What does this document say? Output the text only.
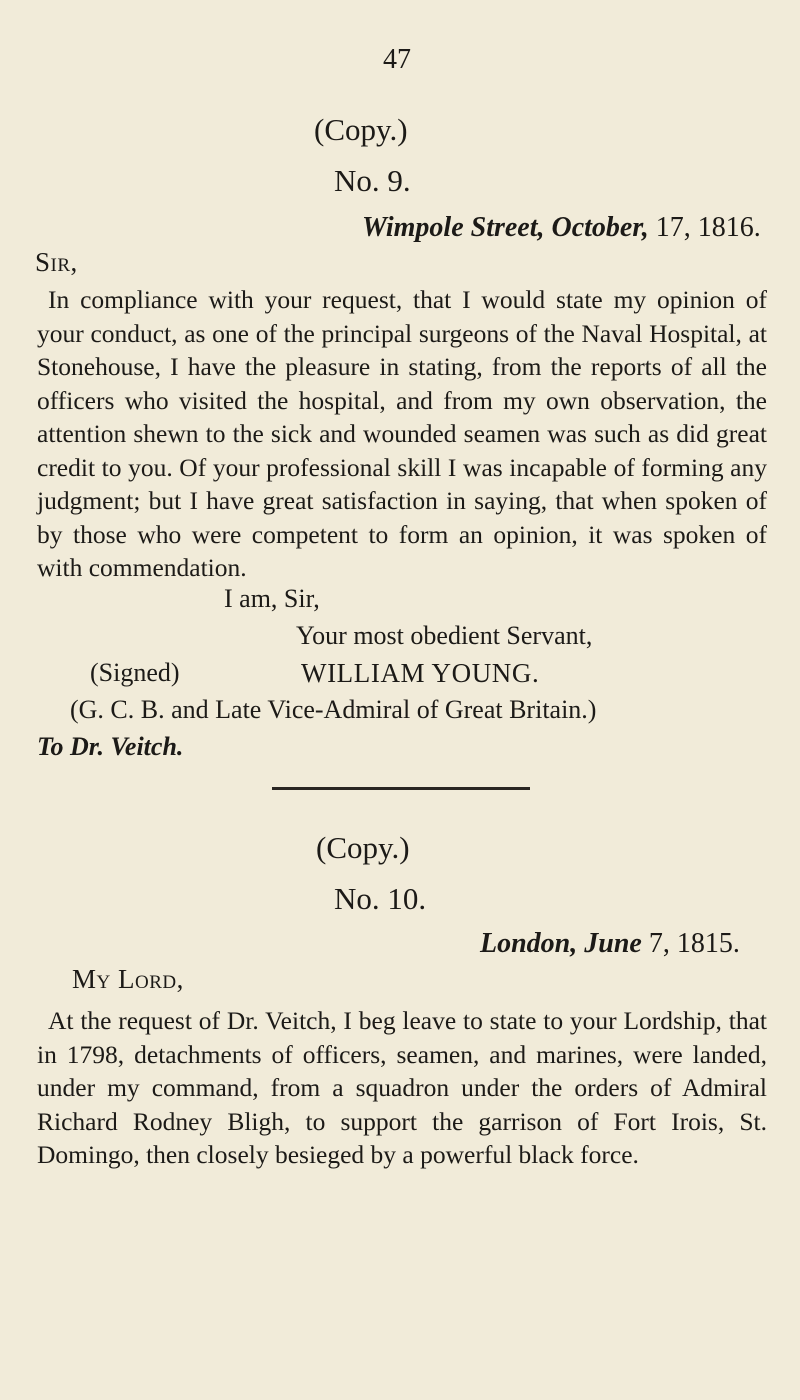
47
(Copy.)
No. 9.
Wimpole Street, October, 17, 1816.
Sir,
In compliance with your request, that I would state my opinion of your conduct, as one of the principal surgeons of the Naval Hospital, at Stonehouse, I have the pleasure in stating, from the reports of all the officers who visited the hospital, and from my own observation, the attention shewn to the sick and wounded seamen was such as did great credit to you. Of your professional skill I was incapable of forming any judgment; but I have great satisfaction in saying, that when spoken of by those who were competent to form an opinion, it was spoken of with commendation.
I am, Sir,
Your most obedient Servant,
(Signed)	WILLIAM YOUNG.
(G. C. B. and Late Vice-Admiral of Great Britain.)
To Dr. Veitch.
(Copy.)
No. 10.
London, June 7, 1815.
My Lord,
At the request of Dr. Veitch, I beg leave to state to your Lordship, that in 1798, detachments of officers, seamen, and marines, were landed, under my command, from a squadron under the orders of Admiral Richard Rodney Bligh, to support the garrison of Fort Irois, St. Domingo, then closely besieged by a powerful black force.
